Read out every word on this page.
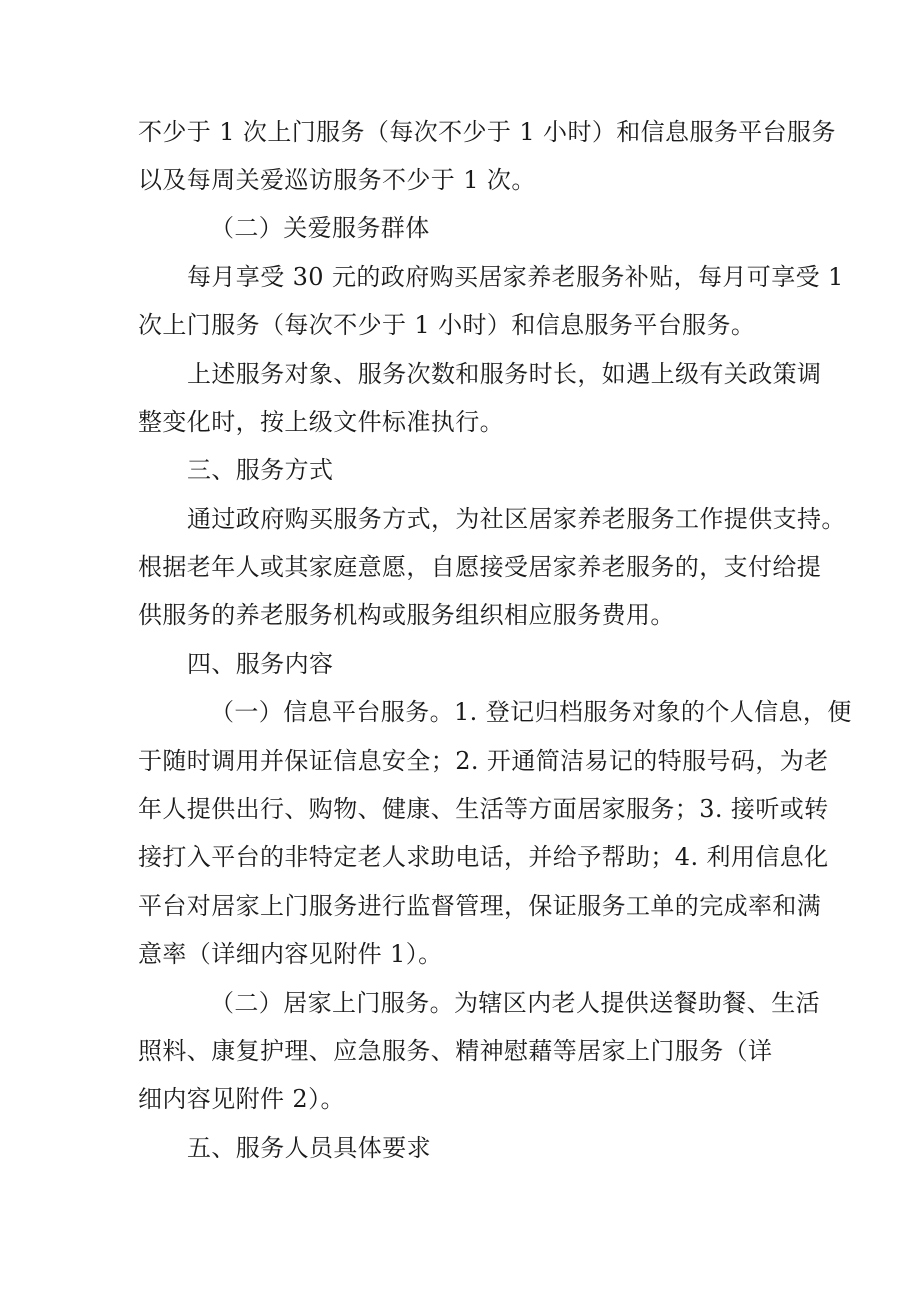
不少于 1 次上门服务（每次不少于 1 小时）和信息服务平台服务
以及每周关爱巡访服务不少于 1 次。
（二）关爱服务群体
每月享受 30 元的政府购买居家养老服务补贴，每月可享受 1
次上门服务（每次不少于 1 小时）和信息服务平台服务。
上述服务对象、服务次数和服务时长，如遇上级有关政策调
整变化时，按上级文件标准执行。
三、服务方式
通过政府购买服务方式，为社区居家养老服务工作提供支持。
根据老年人或其家庭意愿，自愿接受居家养老服务的，支付给提
供服务的养老服务机构或服务组织相应服务费用。
四、服务内容
（一）信息平台服务。1. 登记归档服务对象的个人信息，便
于随时调用并保证信息安全；2. 开通简洁易记的特服号码，为老
年人提供出行、购物、健康、生活等方面居家服务；3. 接听或转
接打入平台的非特定老人求助电话，并给予帮助；4. 利用信息化
平台对居家上门服务进行监督管理，保证服务工单的完成率和满
意率（详细内容见附件 1）。
（二）居家上门服务。为辖区内老人提供送餐助餐、生活
照料、康复护理、应急服务、精神慰藉等居家上门服务（详
细内容见附件 2）。
五、服务人员具体要求
